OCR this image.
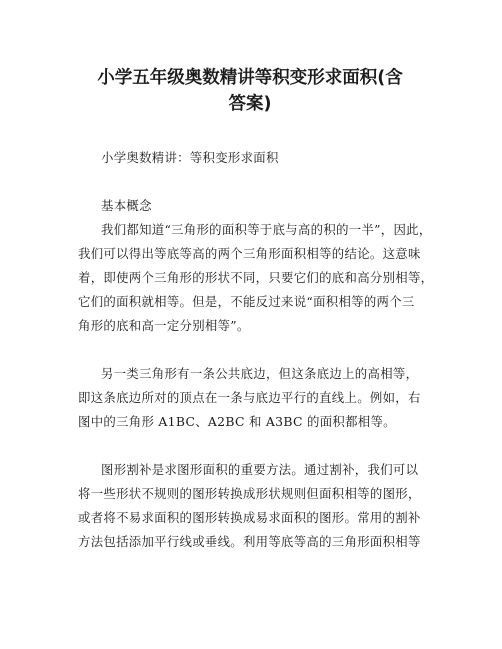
小学五年级奥数精讲等积变形求面积(含
答案)

小学奥数精讲：等积变形求面积

基本概念

我们都知道“三角形的面积等于底与高的积的一半”，因此，

我们可以得出等底等高的两个三角形面积相等的结论。这意味

着，即使两个三角形的形状不同，只要它们的底和高分别相等，

它们的面积就相等。但是，不能反过来说“面积相等的两个三

角形的底和高一定分别相等”。

另一类三角形有一条公共底边，但这条底边上的高相等，

即这条底边所对的顶点在一条与底边平行的直线上。例如，右

图中的三角形 A1BC、A2BC 和 A3BC 的面积都相等。

图形割补是求图形面积的重要方法。通过割补，我们可以

将一些形状不规则的图形转换成形状规则但面积相等的图形，

或者将不易求面积的图形转换成易求面积的图形。常用的割补

方法包括添加平行线或垂线。利用等底等高的三角形面积相等
